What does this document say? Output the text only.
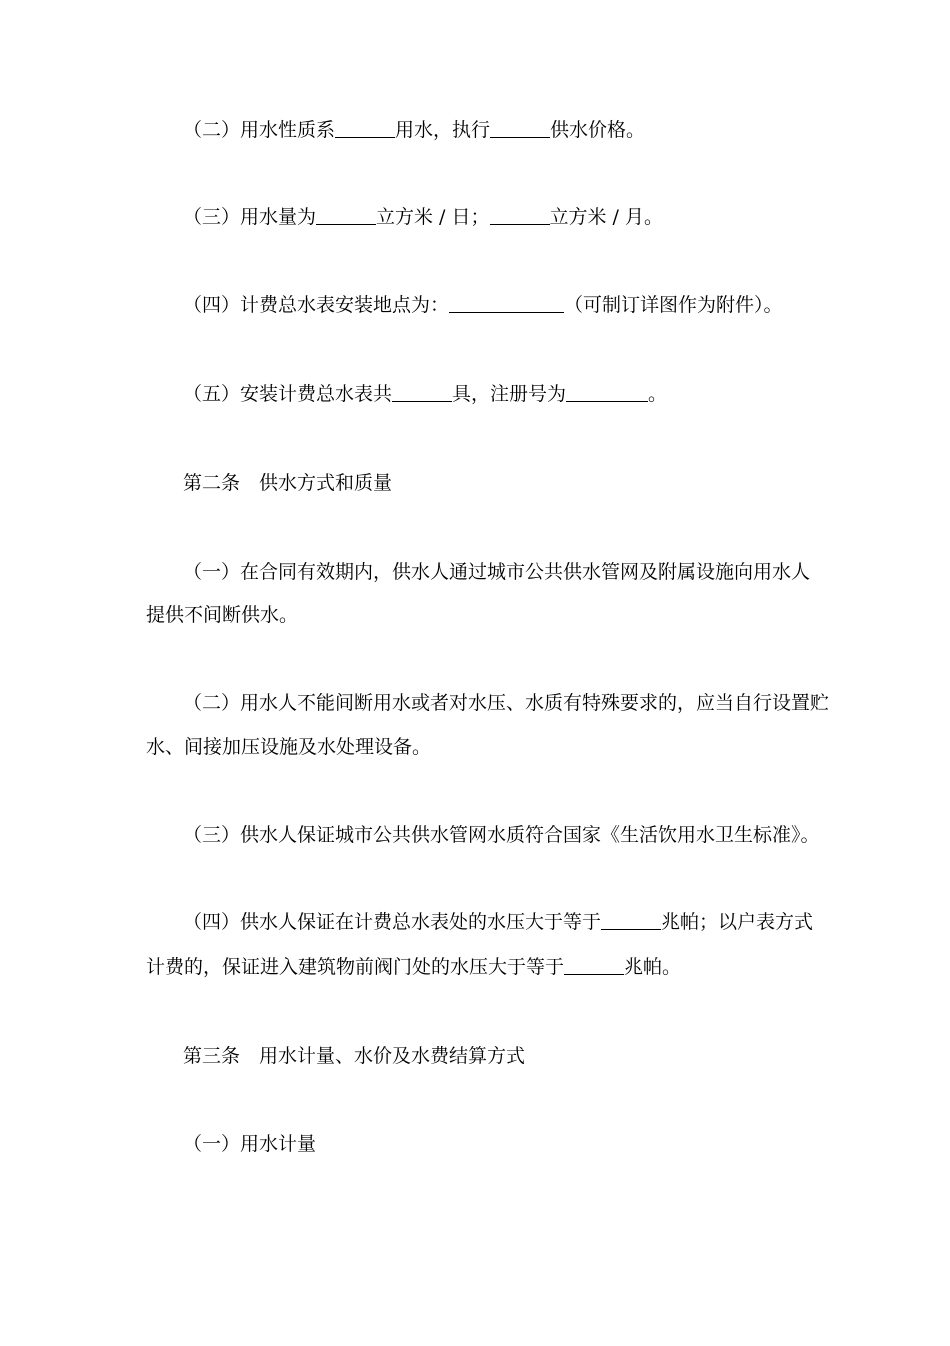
（二）用水性质系	用水，执行	供水价格。
（三）用水量为	立方米 / 日；	立方米 / 月。
（四）计费总水表安装地点为：	（可制订详图作为附件）。
（五）安装计费总水表共	具，注册号为	。
第二条　供水方式和质量
（一）在合同有效期内，供水人通过城市公共供水管网及附属设施向用水人
提供不间断供水。
（二）用水人不能间断用水或者对水压、水质有特殊要求的，应当自行设置贮
水、间接加压设施及水处理设备。
（三）供水人保证城市公共供水管网水质符合国家《生活饮用水卫生标准》。
（四）供水人保证在计费总水表处的水压大于等于	兆帕；以户表方式
计费的，保证进入建筑物前阀门处的水压大于等于	兆帕。
第三条　用水计量、水价及水费结算方式
（一）用水计量
